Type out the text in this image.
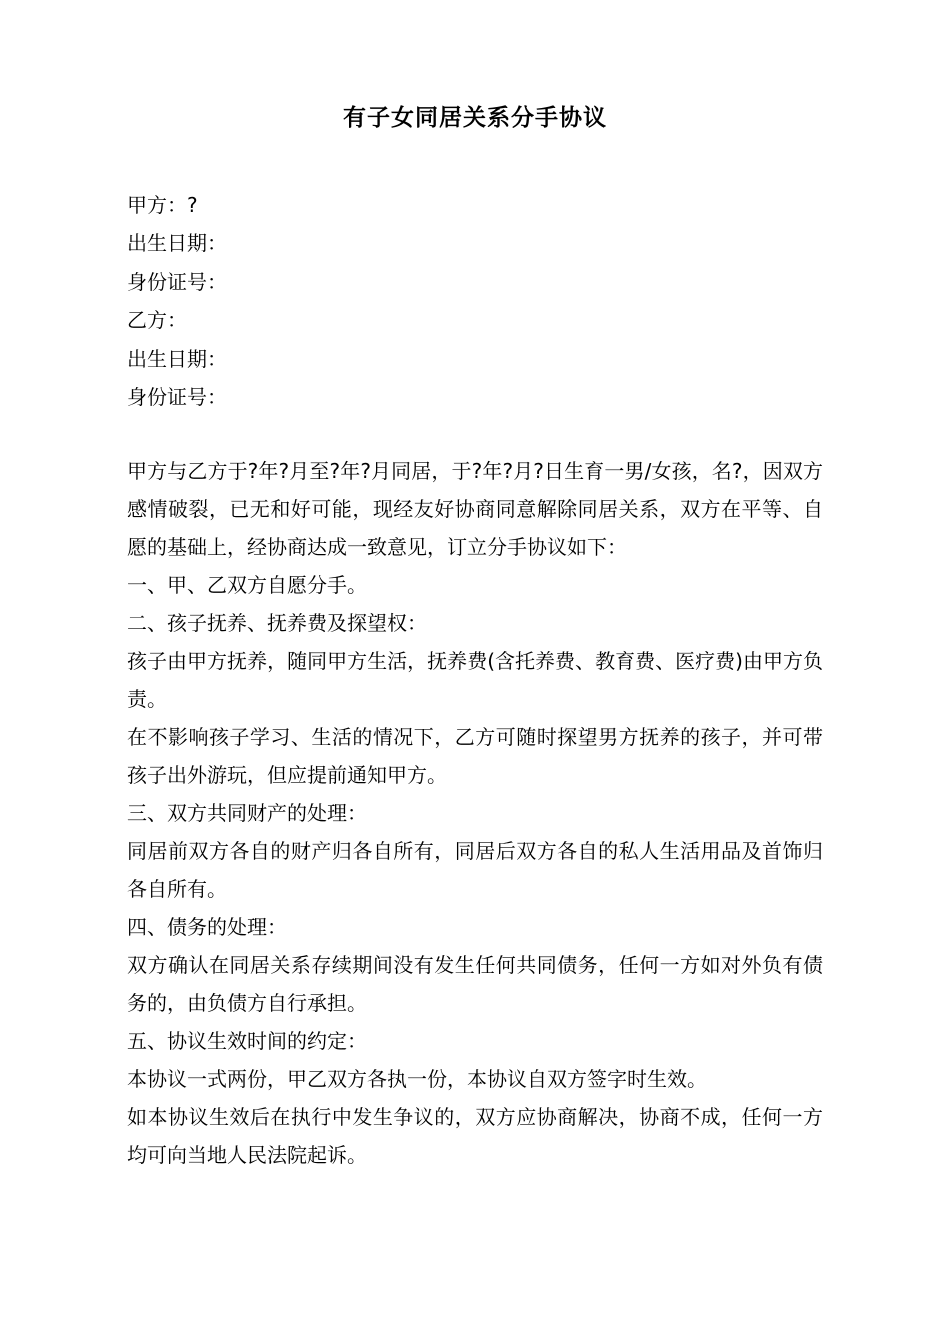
有子女同居关系分手协议
甲方：?
出生日期：
身份证号：
乙方：
出生日期：
身份证号：

甲方与乙方于?年?月至?年?月同居，于?年?月?日生育一男/女孩，名?，因双方感情破裂，已无和好可能，现经友好协商同意解除同居关系，双方在平等、自愿的基础上，经协商达成一致意见，订立分手协议如下：

一、甲、乙双方自愿分手。

二、孩子抚养、抚养费及探望权：

孩子由甲方抚养，随同甲方生活，抚养费(含托养费、教育费、医疗费)由甲方负责。

在不影响孩子学习、生活的情况下，乙方可随时探望男方抚养的孩子，并可带孩子出外游玩，但应提前通知甲方。

三、双方共同财产的处理：

同居前双方各自的财产归各自所有，同居后双方各自的私人生活用品及首饰归各自所有。

四、债务的处理：

双方确认在同居关系存续期间没有发生任何共同债务，任何一方如对外负有债务的，由负债方自行承担。

五、协议生效时间的约定：

本协议一式两份，甲乙双方各执一份，本协议自双方签字时生效。

如本协议生效后在执行中发生争议的，双方应协商解决，协商不成，任何一方均可向当地人民法院起诉。
